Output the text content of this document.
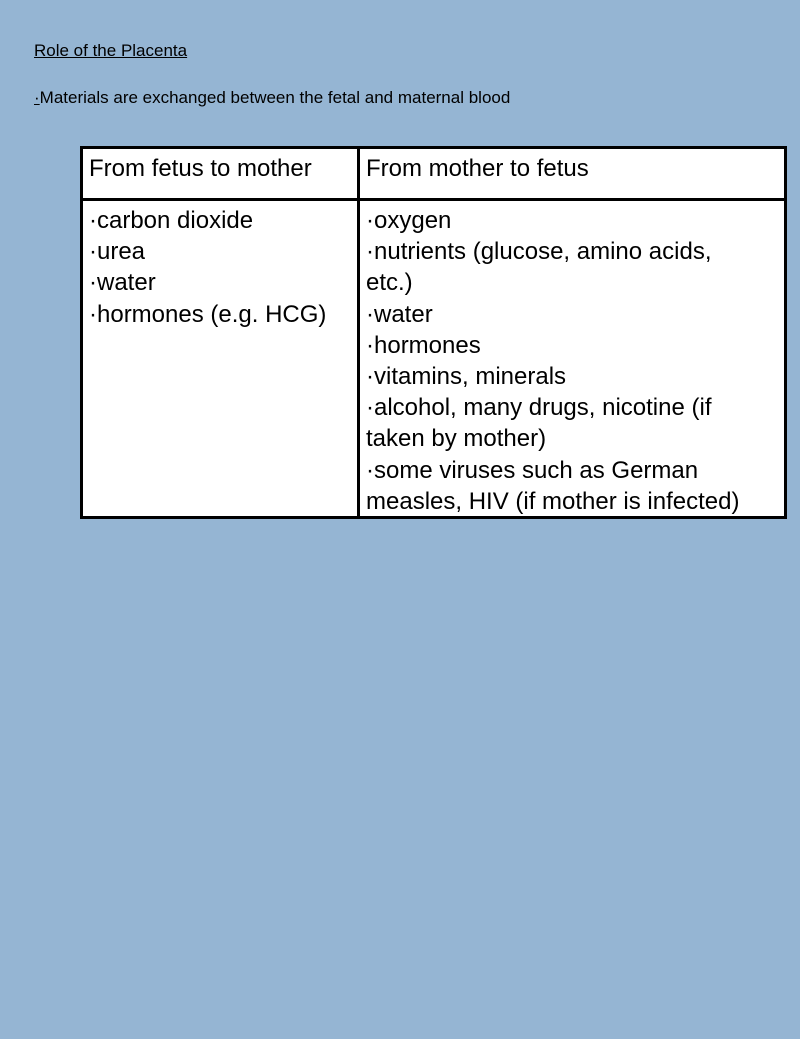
Role of the Placenta
·Materials are exchanged between the fetal and maternal blood
From fetus to mother From mother to fetus
·carbon dioxide
·urea
·water
·hormones (e.g. HCG)
·oxygen
·nutrients (glucose, amino acids,
etc.)
·water
·hormones
·vitamins, minerals
·alcohol, many drugs, nicotine (if
taken by mother)
·some viruses such as German
measles, HIV (if mother is infected)
